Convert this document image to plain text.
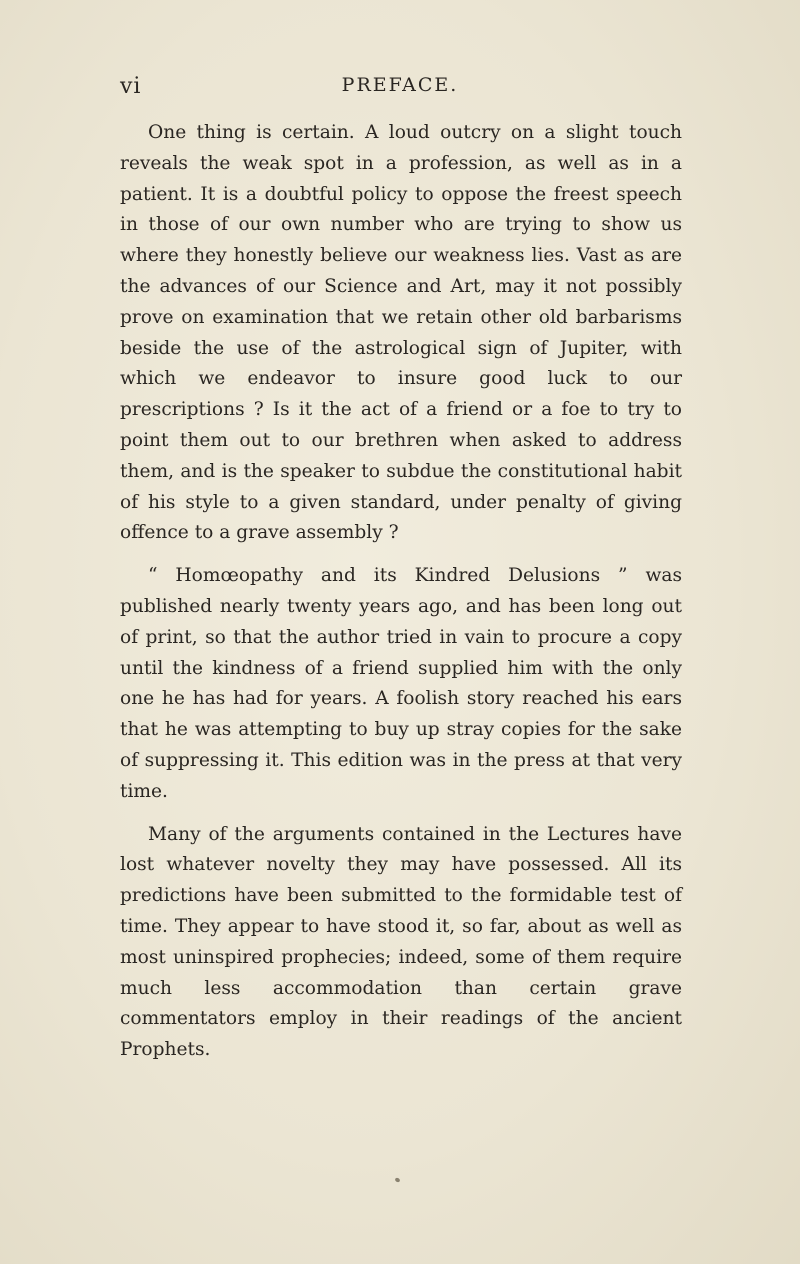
vi	PREFACE.

One thing is certain. A loud outcry on a slight touch reveals the weak spot in a profession, as well as in a patient. It is a doubtful policy to oppose the freest speech in those of our own number who are trying to show us where they honestly believe our weakness lies. Vast as are the advances of our Science and Art, may it not possibly prove on examination that we retain other old barbarisms beside the use of the astrological sign of Jupiter, with which we endeavor to insure good luck to our prescriptions ? Is it the act of a friend or a foe to try to point them out to our brethren when asked to address them, and is the speaker to subdue the constitutional habit of his style to a given standard, under penalty of giving offence to a grave assembly ?

“ Homœopathy and its Kindred Delusions ” was published nearly twenty years ago, and has been long out of print, so that the author tried in vain to procure a copy until the kindness of a friend supplied him with the only one he has had for years. A foolish story reached his ears that he was attempting to buy up stray copies for the sake of suppressing it. This edition was in the press at that very time.

Many of the arguments contained in the Lectures have lost whatever novelty they may have possessed. All its predictions have been submitted to the formidable test of time. They appear to have stood it, so far, about as well as most uninspired prophecies; indeed, some of them require much less accommodation than certain grave commentators employ in their readings of the ancient Prophets.
